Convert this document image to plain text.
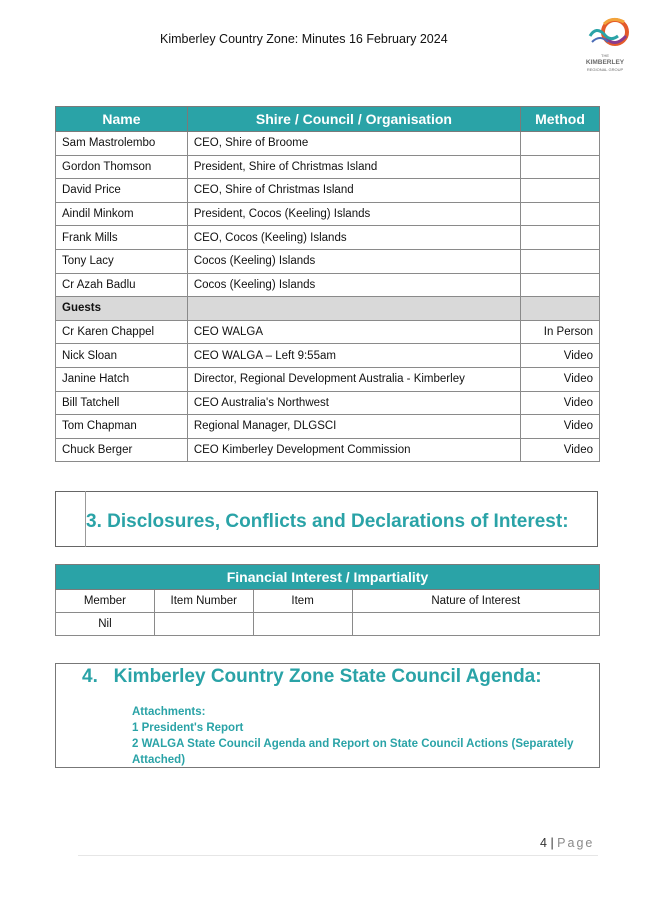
Kimberley Country Zone: Minutes 16 February 2024
THE
KIMBERLEY
REGIONAL GROUP
Name	Shire / Council / Organisation	Method
Sam Mastrolembo	CEO, Shire of Broome	
Gordon Thomson	President, Shire of Christmas Island	
David Price	CEO, Shire of Christmas Island	
Aindil Minkom	President, Cocos (Keeling) Islands	
Frank Mills	CEO, Cocos (Keeling) Islands	
Tony Lacy	Cocos (Keeling) Islands	
Cr Azah Badlu	Cocos (Keeling) Islands	
Guests		
Cr Karen Chappel	CEO WALGA	In Person
Nick Sloan	CEO WALGA – Left 9:55am	Video
Janine Hatch	Director, Regional Development Australia - Kimberley	Video
Bill Tatchell	CEO Australia's Northwest	Video
Tom Chapman	Regional Manager, DLGSCI	Video
Chuck Berger	CEO Kimberley Development Commission	Video
3. Disclosures, Conflicts and Declarations of Interest:
Financial Interest / Impartiality			
Member	Item Number	Item	Nature of Interest
Nil			
4.   Kimberley Country Zone State Council Agenda:
Attachments:
1 President's Report
2 WALGA State Council Agenda and Report on State Council Actions (Separately Attached)
4 | Page
